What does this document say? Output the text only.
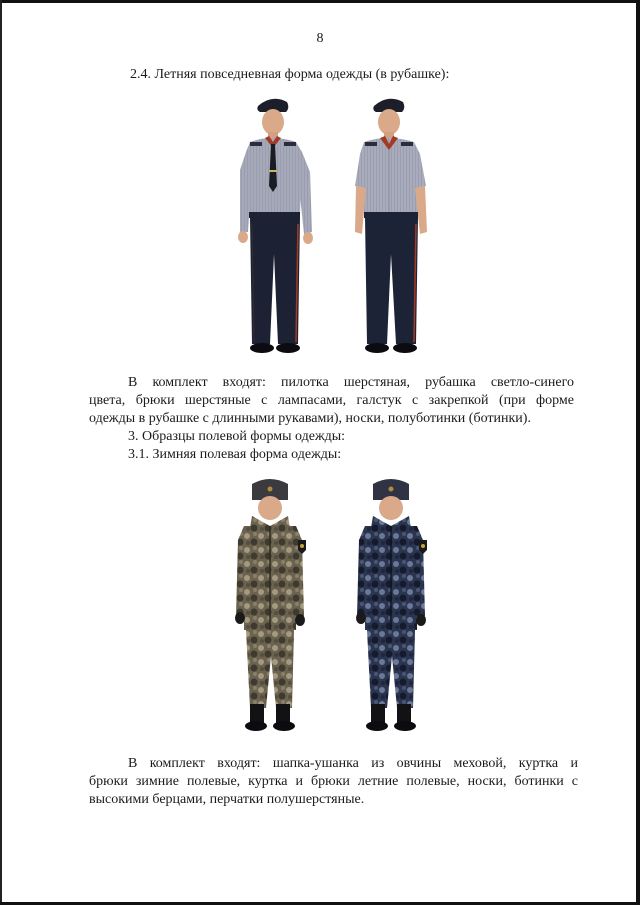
8
2.4. Летняя повседневная форма одежды (в рубашке):
В комплект входят: пилотка шерстяная, рубашка светло-синего
цвета, брюки шерстяные с лампасами, галстук с закрепкой (при форме
одежды в рубашке с длинными рукавами), носки, полуботинки (ботинки).
3. Образцы полевой формы одежды:
3.1. Зимняя полевая форма одежды:
В комплект входят: шапка-ушанка из овчины меховой, куртка и
брюки зимние полевые, куртка и брюки летние полевые, носки, ботинки с
высокими берцами, перчатки полушерстяные.
